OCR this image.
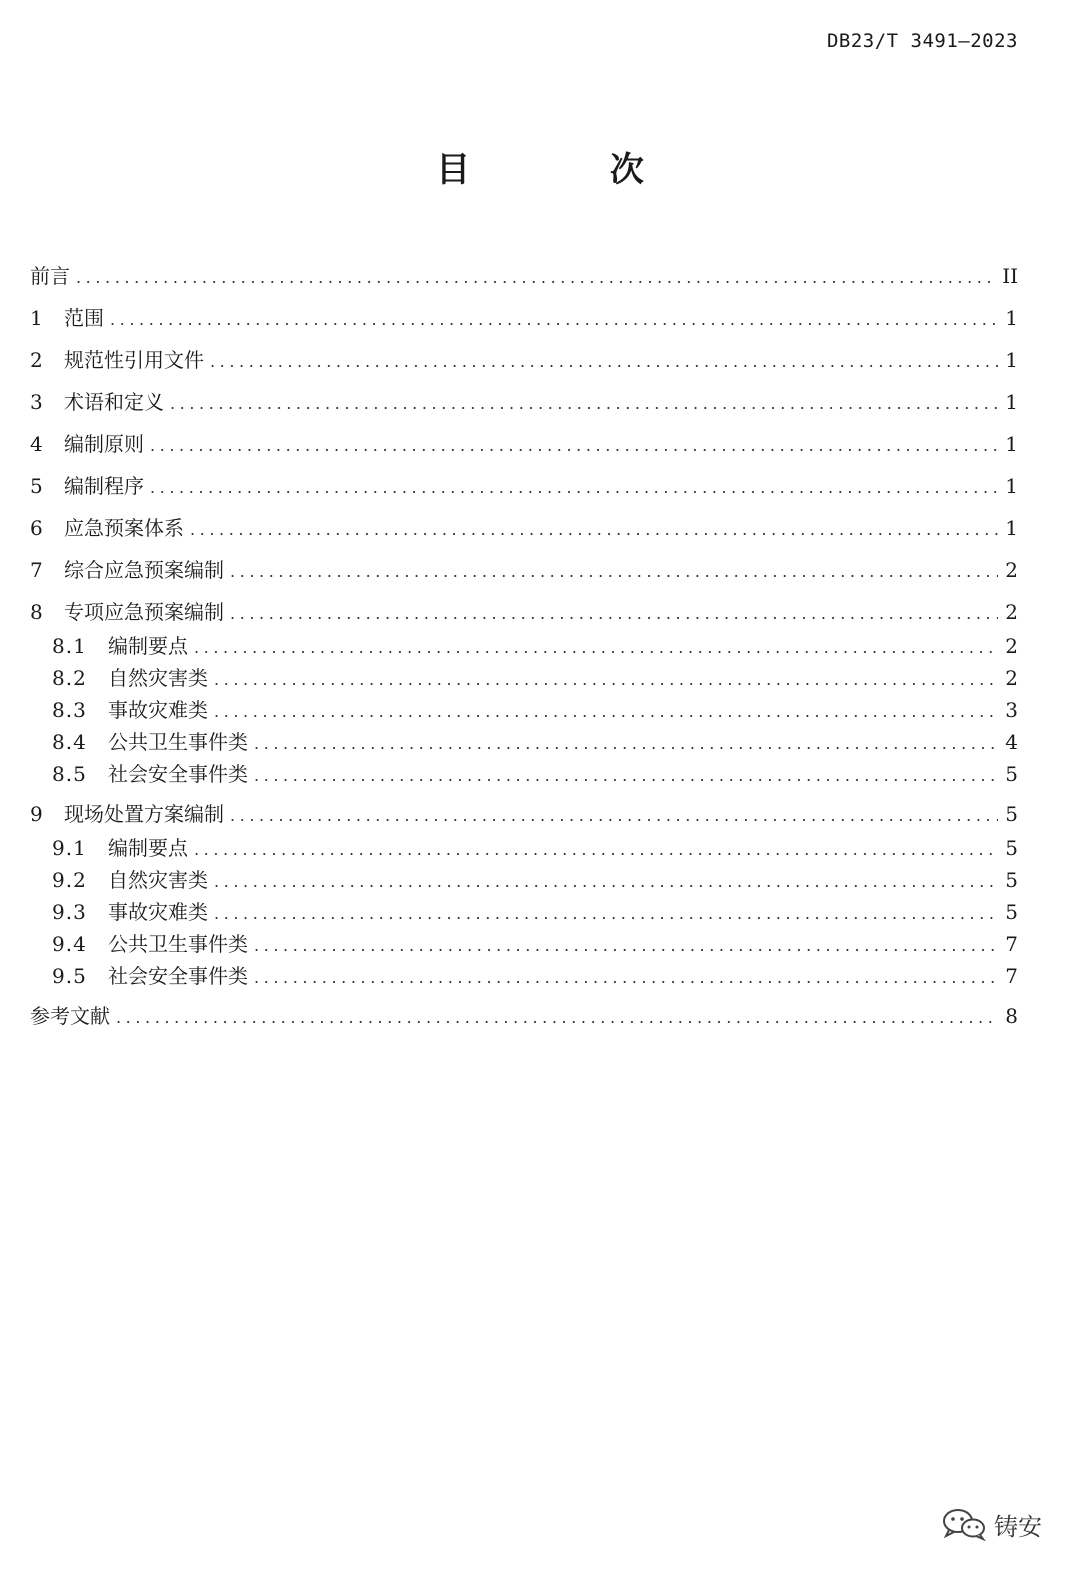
DB23/T 3491—2023
目 次
前言 .....	II
1	范围 .....	1
2	规范性引用文件 .....	1
3	术语和定义 .....	1
4	编制原则 .....	1
5	编制程序 .....	1
6	应急预案体系 .....	1
7	综合应急预案编制 .....	2
8	专项应急预案编制 .....	2
8.1	编制要点 .....	2
8.2	自然灾害类 .....	2
8.3	事故灾难类 .....	3
8.4	公共卫生事件类 .....	4
8.5	社会安全事件类 .....	5
9	现场处置方案编制 .....	5
9.1	编制要点 .....	5
9.2	自然灾害类 .....	5
9.3	事故灾难类 .....	5
9.4	公共卫生事件类 .....	7
9.5	社会安全事件类 .....	7
参考文献 .....	8
铸安
